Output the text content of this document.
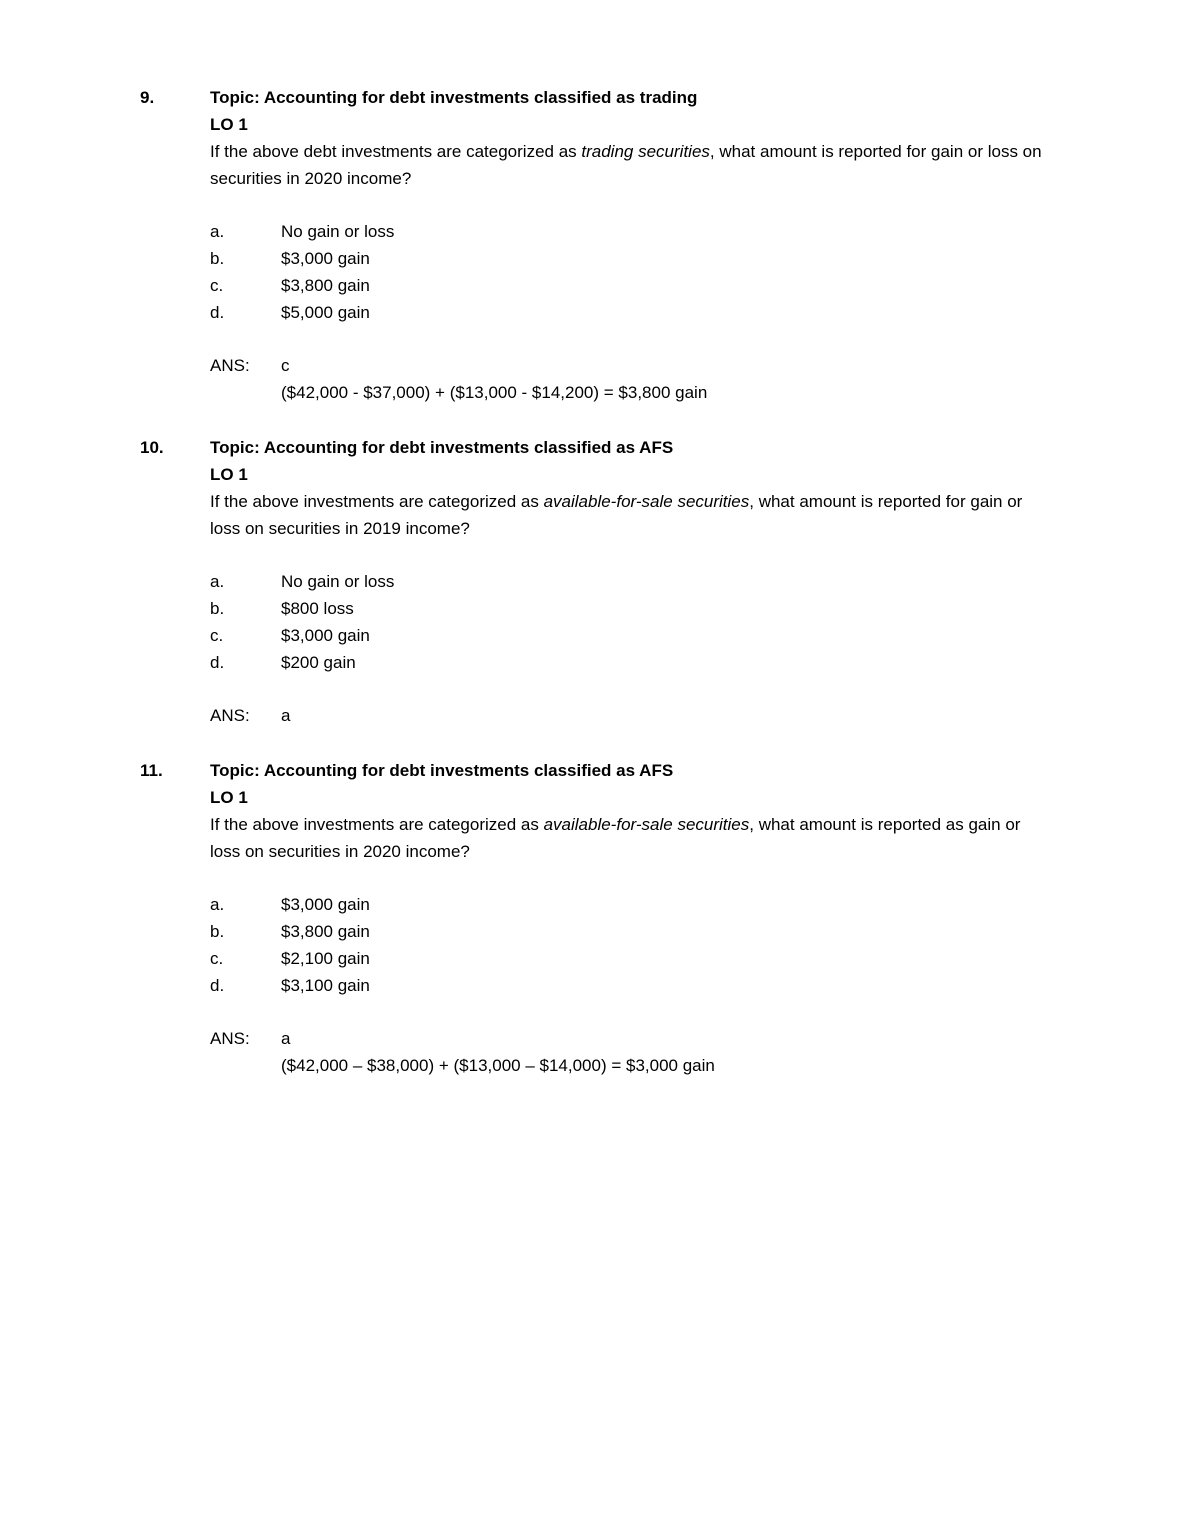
9.	Topic: Accounting for debt investments classified as trading
LO 1

If the above debt investments are categorized as trading securities, what amount is reported for gain or loss on securities in 2020 income?

a.	No gain or loss
b.	$3,000 gain
c.	$3,800 gain
d.	$5,000 gain
ANS:	c
($42,000 - $37,000) + ($13,000 - $14,200) = $3,800 gain
10.	Topic: Accounting for debt investments classified as AFS
LO 1

If the above investments are categorized as available-for-sale securities, what amount is reported for gain or loss on securities in 2019 income?

a.	No gain or loss
b.	$800 loss
c.	$3,000 gain
d.	$200 gain
ANS:	a
11.	Topic: Accounting for debt investments classified as AFS
LO 1

If the above investments are categorized as available-for-sale securities, what amount is reported as gain or loss on securities in 2020 income?

a.	$3,000 gain
b.	$3,800 gain
c.	$2,100 gain
d.	$3,100 gain
ANS:	a
($42,000 – $38,000) + ($13,000 – $14,000) = $3,000 gain
